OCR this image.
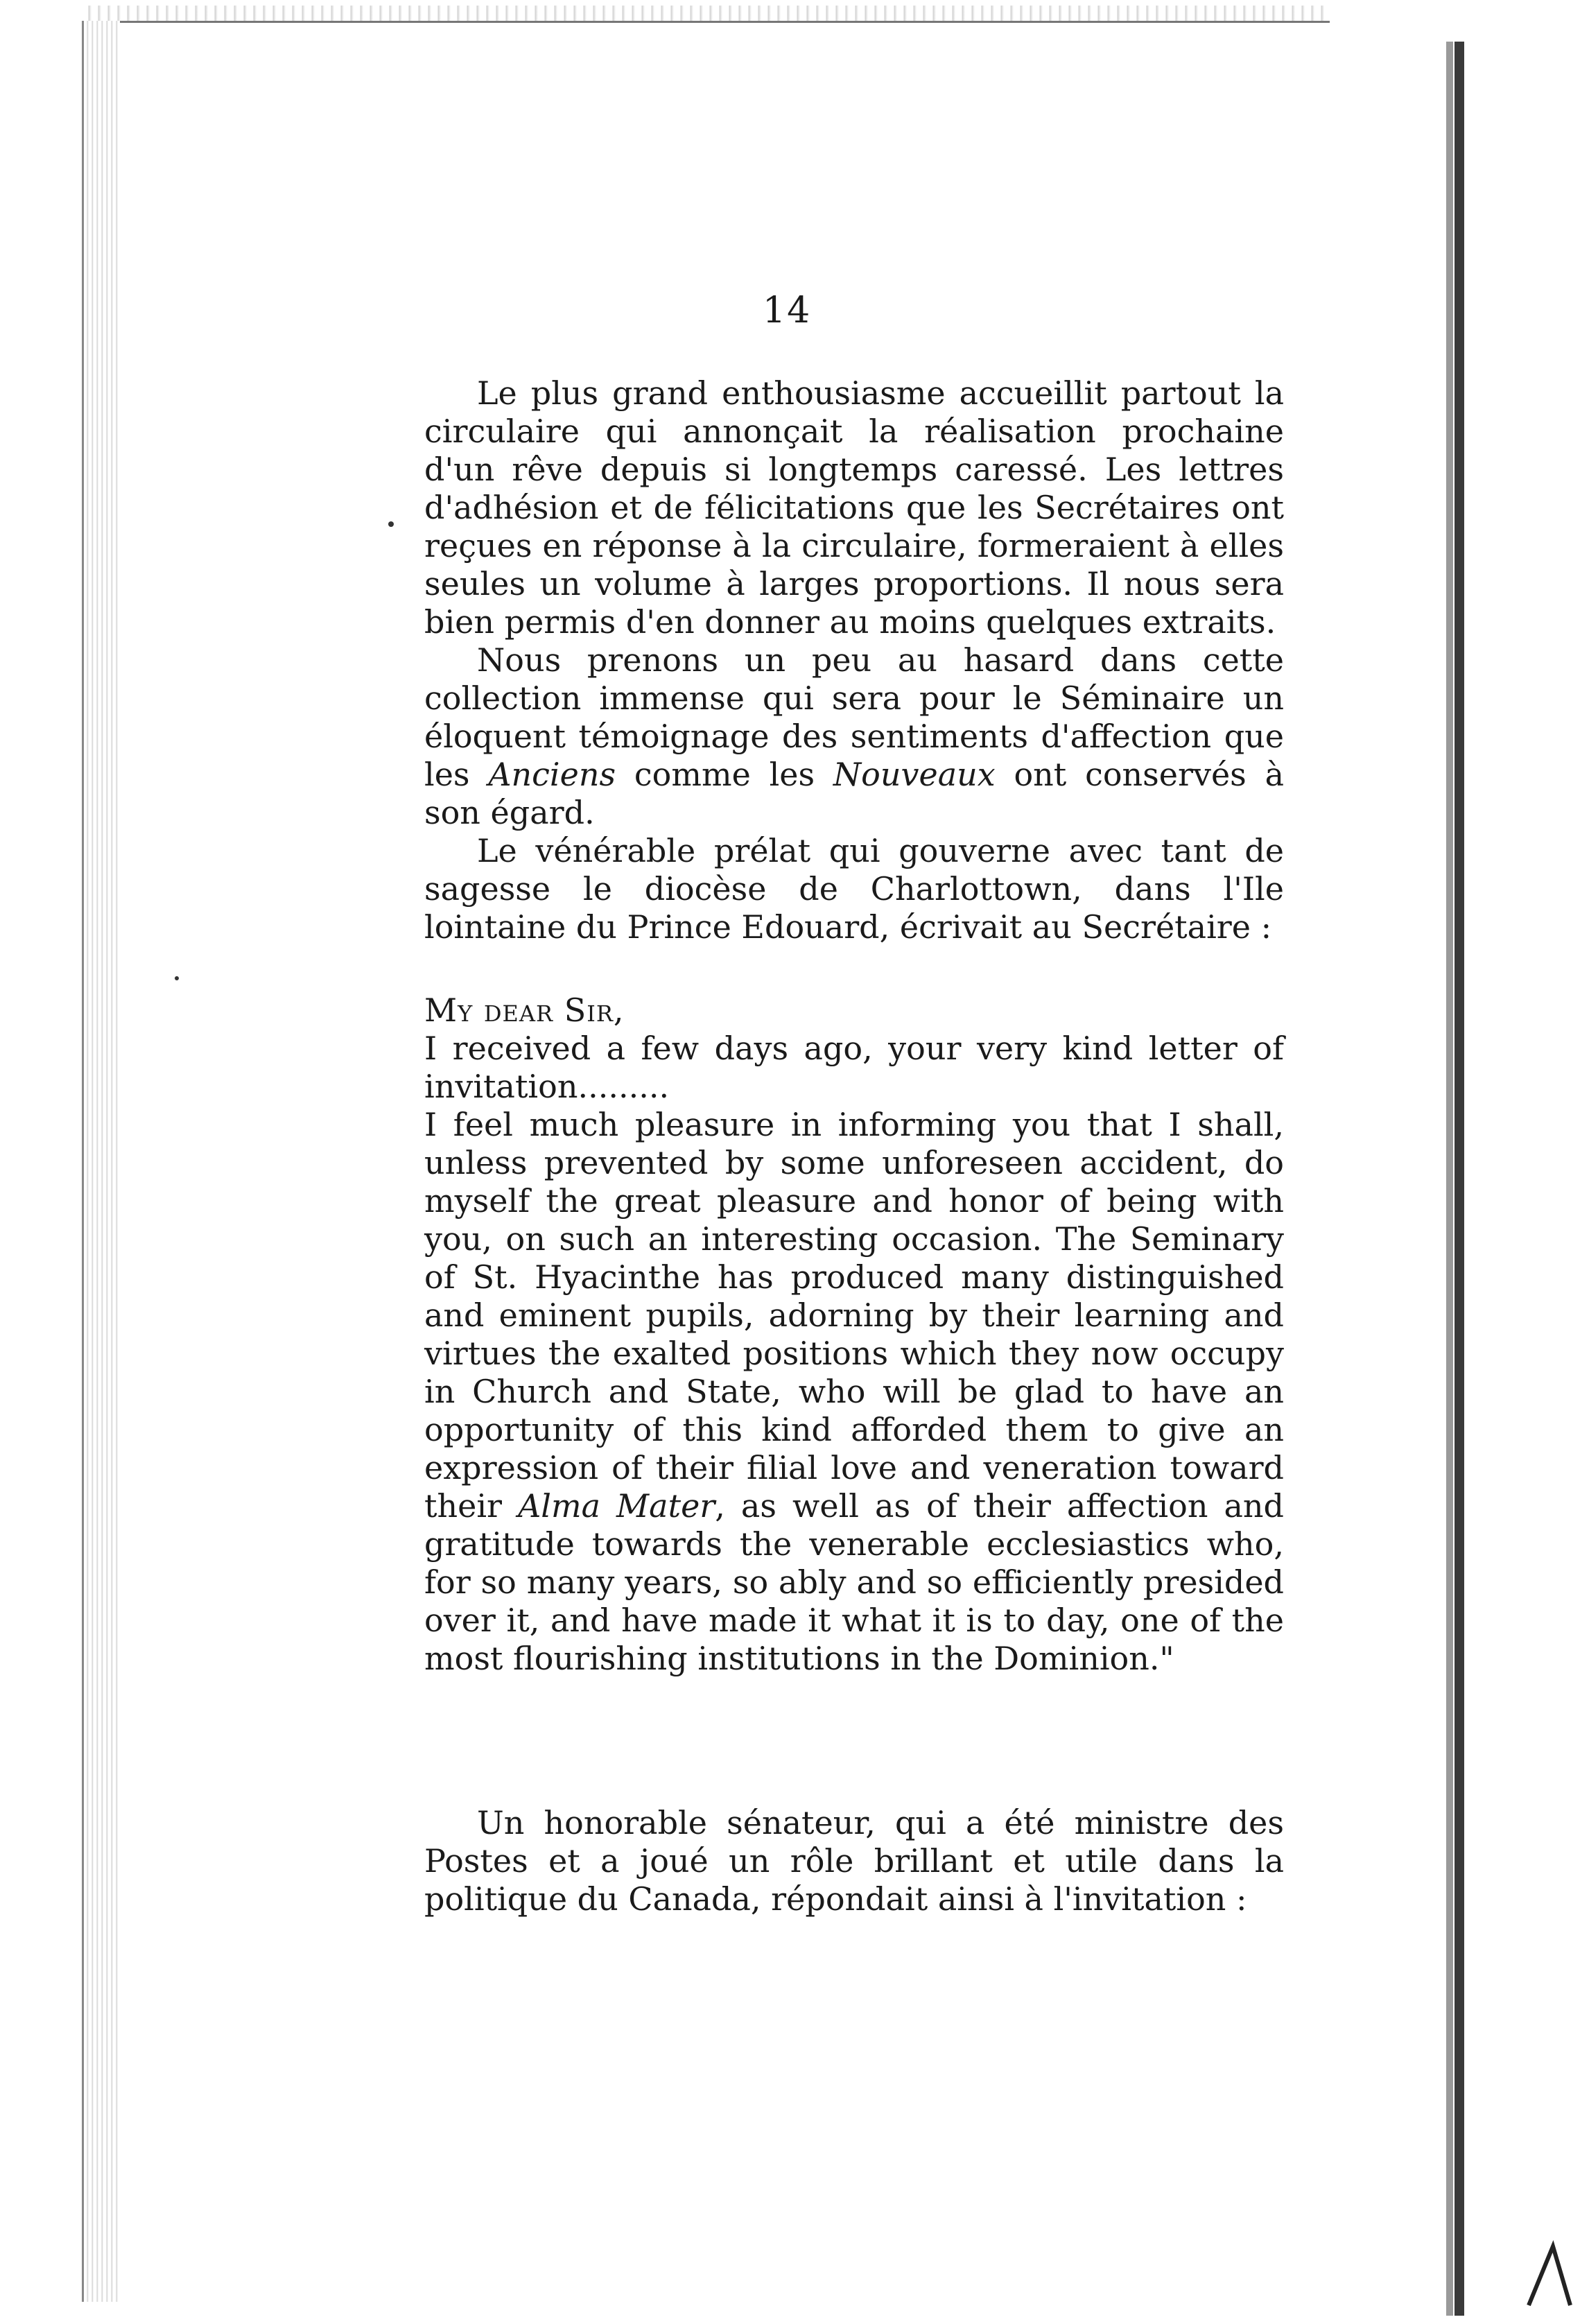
14

Le plus grand enthousiasme accueillit partout la circulaire qui annonçait la réalisation prochaine d'un rêve depuis si longtemps caressé. Les lettres d'adhésion et de félicitations que les Secrétaires ont reçues en réponse à la circulaire, formeraient à elles seules un volume à larges proportions. Il nous sera bien permis d'en donner au moins quelques extraits.

Nous prenons un peu au hasard dans cette collection immense qui sera pour le Séminaire un éloquent témoignage des sentiments d'affection que les Anciens comme les Nouveaux ont conservés à son égard.

Le vénérable prélat qui gouverne avec tant de sagesse le diocèse de Charlottown, dans l'Ile lointaine du Prince Edouard, écrivait au Secrétaire :

My dear Sir,

I received a few days ago, your very kind letter of invitation.........

I feel much pleasure in informing you that I shall, unless prevented by some unforeseen accident, do myself the great pleasure and honor of being with you, on such an interesting occasion. The Seminary of St. Hyacinthe has produced many distinguished and eminent pupils, adorning by their learning and virtues the exalted positions which they now occupy in Church and State, who will be glad to have an opportunity of this kind afforded them to give an expression of their filial love and veneration toward their Alma Mater, as well as of their affection and gratitude towards the venerable ecclesiastics who, for so many years, so ably and so efficiently presided over it, and have made it what it is to day, one of the most flourishing institutions in the Dominion."

Un honorable sénateur, qui a été ministre des Postes et a joué un rôle brillant et utile dans la politique du Canada, répondait ainsi à l'invitation :
